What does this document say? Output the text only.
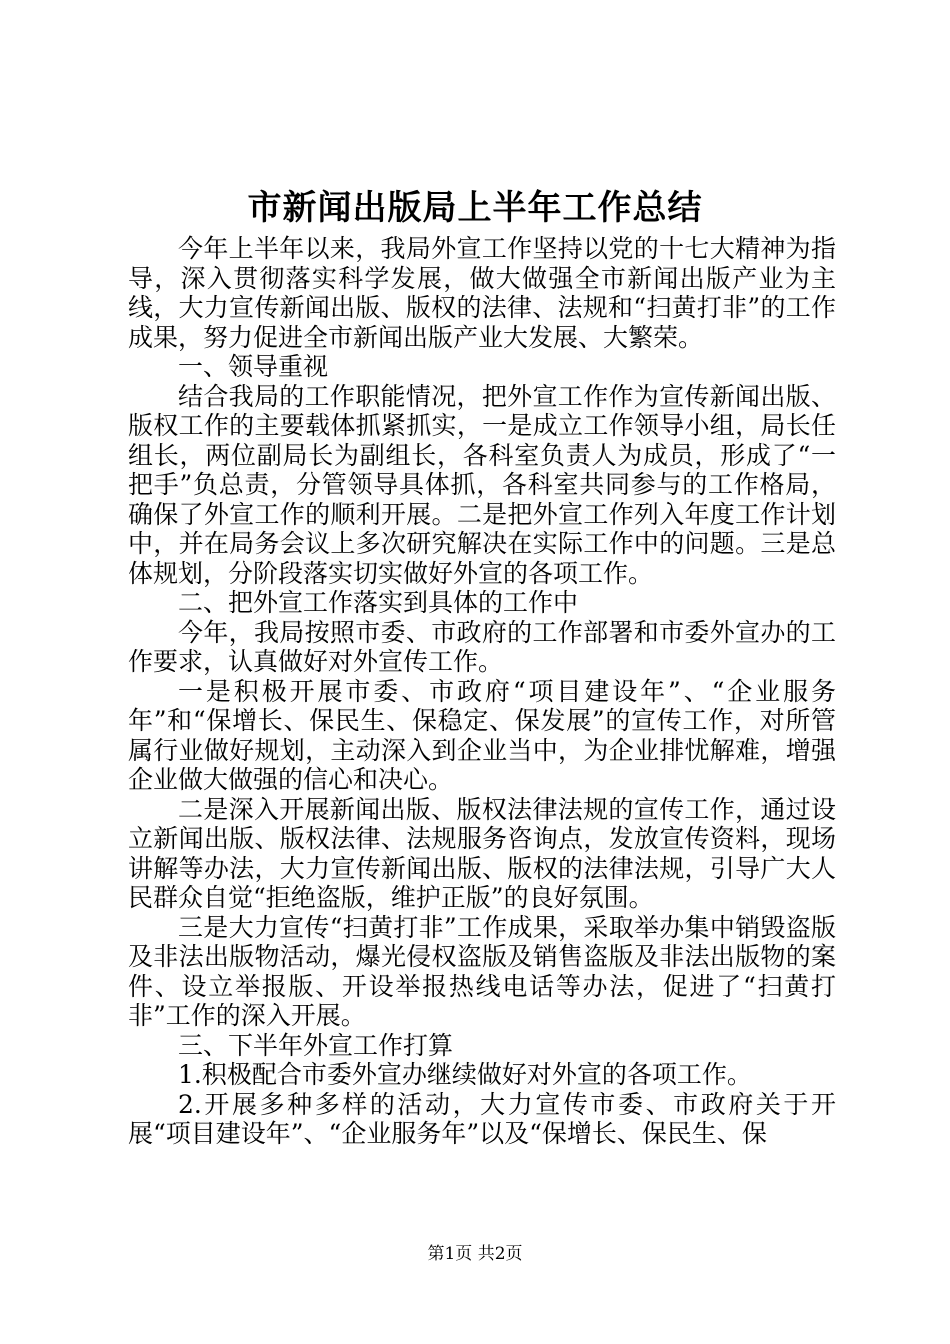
市新闻出版局上半年工作总结

今年上半年以来，我局外宣工作坚持以党的十七大精神为指导，深入贯彻落实科学发展，做大做强全市新闻出版产业为主线，大力宣传新闻出版、版权的法律、法规和“扫黄打非”的工作成果，努力促进全市新闻出版产业大发展、大繁荣。

一、领导重视

结合我局的工作职能情况，把外宣工作作为宣传新闻出版、版权工作的主要载体抓紧抓实，一是成立工作领导小组，局长任组长，两位副局长为副组长，各科室负责人为成员，形成了“一把手”负总责，分管领导具体抓，各科室共同参与的工作格局，确保了外宣工作的顺利开展。二是把外宣工作列入年度工作计划中，并在局务会议上多次研究解决在实际工作中的问题。三是总体规划，分阶段落实切实做好外宣的各项工作。

二、把外宣工作落实到具体的工作中

今年，我局按照市委、市政府的工作部署和市委外宣办的工作要求，认真做好对外宣传工作。

一是积极开展市委、市政府“项目建设年”、“企业服务年”和“保增长、保民生、保稳定、保发展”的宣传工作，对所管属行业做好规划，主动深入到企业当中，为企业排忧解难，增强企业做大做强的信心和决心。

二是深入开展新闻出版、版权法律法规的宣传工作，通过设立新闻出版、版权法律、法规服务咨询点，发放宣传资料，现场讲解等办法，大力宣传新闻出版、版权的法律法规，引导广大人民群众自觉“拒绝盗版，维护正版”的良好氛围。

三是大力宣传“扫黄打非”工作成果，采取举办集中销毁盗版及非法出版物活动，爆光侵权盗版及销售盗版及非法出版物的案件、设立举报版、开设举报热线电话等办法，促进了“扫黄打非”工作的深入开展。

三、下半年外宣工作打算

1.积极配合市委外宣办继续做好对外宣的各项工作。

2.开展多种多样的活动，大力宣传市委、市政府关于开展“项目建设年”、“企业服务年”以及“保增长、保民生、保

第1页 共2页
